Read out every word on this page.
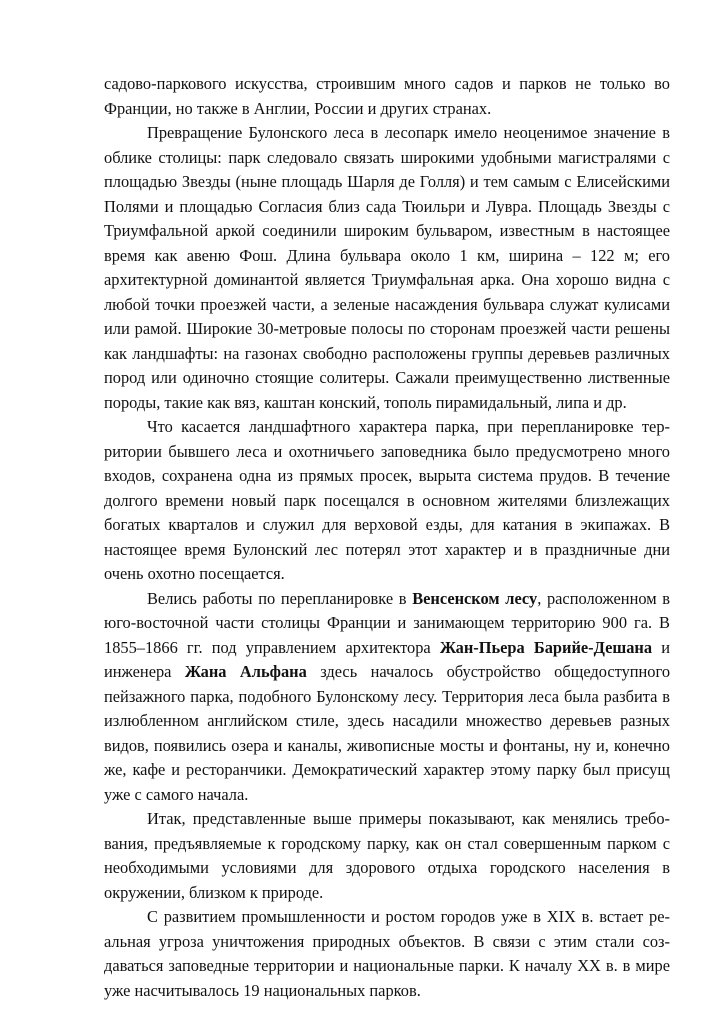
садово-паркового искусства, строившим много садов и парков не только во Франции, но также в Англии, России и других странах.

Превращение Булонского леса в лесопарк имело неоценимое значение в облике столицы: парк следовало связать широкими удобными магистралями с площадью Звезды (ныне площадь Шарля де Голля) и тем самым с Елисейскими Полями и площадью Согласия близ сада Тюильри и Лувра. Площадь Звезды с Триумфальной аркой соединили широким бульваром, известным в настоящее время как авеню Фош. Длина бульвара около 1 км, ширина – 122 м; его архитектурной доминантой является Триумфальная арка. Она хорошо видна с любой точки проезжей части, а зеленые насаждения бульвара служат кулисами или рамой. Широкие 30-метровые полосы по сторонам проезжей части решены как ландшафты: на газонах свободно расположены группы деревьев различных пород или одиночно стоящие солитеры. Сажали преимущественно лиственные породы, такие как вяз, каштан конский, тополь пирамидальный, липа и др.

Что касается ландшафтного характера парка, при перепланировке территории бывшего леса и охотничьего заповедника было предусмотрено много входов, сохранена одна из прямых просек, вырыта система прудов. В течение долгого времени новый парк посещался в основном жителями близлежащих богатых кварталов и служил для верховой езды, для катания в экипажах. В настоящее время Булонский лес потерял этот характер и в праздничные дни очень охотно посещается.

Велись работы по перепланировке в Венсенском лесу, расположенном в юго-восточной части столицы Франции и занимающем территорию 900 га. В 1855–1866 гг. под управлением архитектора Жан-Пьера Барийе-Дешана и инженера Жана Альфана здесь началось обустройство общедоступного пейзажного парка, подобного Булонскому лесу. Территория леса была разбита в излюбленном английском стиле, здесь насадили множество деревьев разных видов, появились озера и каналы, живописные мосты и фонтаны, ну и, конечно же, кафе и ресторанчики. Демократический характер этому парку был присущ уже с самого начала.

Итак, представленные выше примеры показывают, как менялись требования, предъявляемые к городскому парку, как он стал совершенным парком с необходимыми условиями для здорового отдыха городского населения в окружении, близком к природе.

С развитием промышленности и ростом городов уже в XIX в. встает реальная угроза уничтожения природных объектов. В связи с этим стали создаваться заповедные территории и национальные парки. К началу XX в. в мире уже насчитывалось 19 национальных парков.
